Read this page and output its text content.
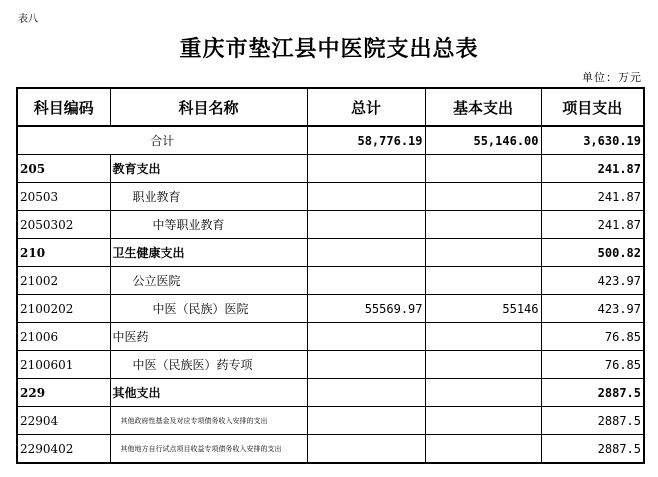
表八
重庆市垫江县中医院支出总表
单位：万元
科目编码	科目名称	总计	基本支出	项目支出
合计		58,776.19	55,146.00	3,630.19
205	教育支出			241.87
20503	职业教育			241.87
2050302	中等职业教育			241.87
210	卫生健康支出			500.82
21002	公立医院			423.97
2100202	中医（民族）医院	55569.97	55146	423.97
21006	中医药			76.85
2100601	中医（民族医）药专项			76.85
229	其他支出			2887.5
22904	其他政府性基金及对应专项债务收入安排的支出			2887.5
2290402	其他地方自行试点项目收益专项债务收入安排的支出			2887.5
